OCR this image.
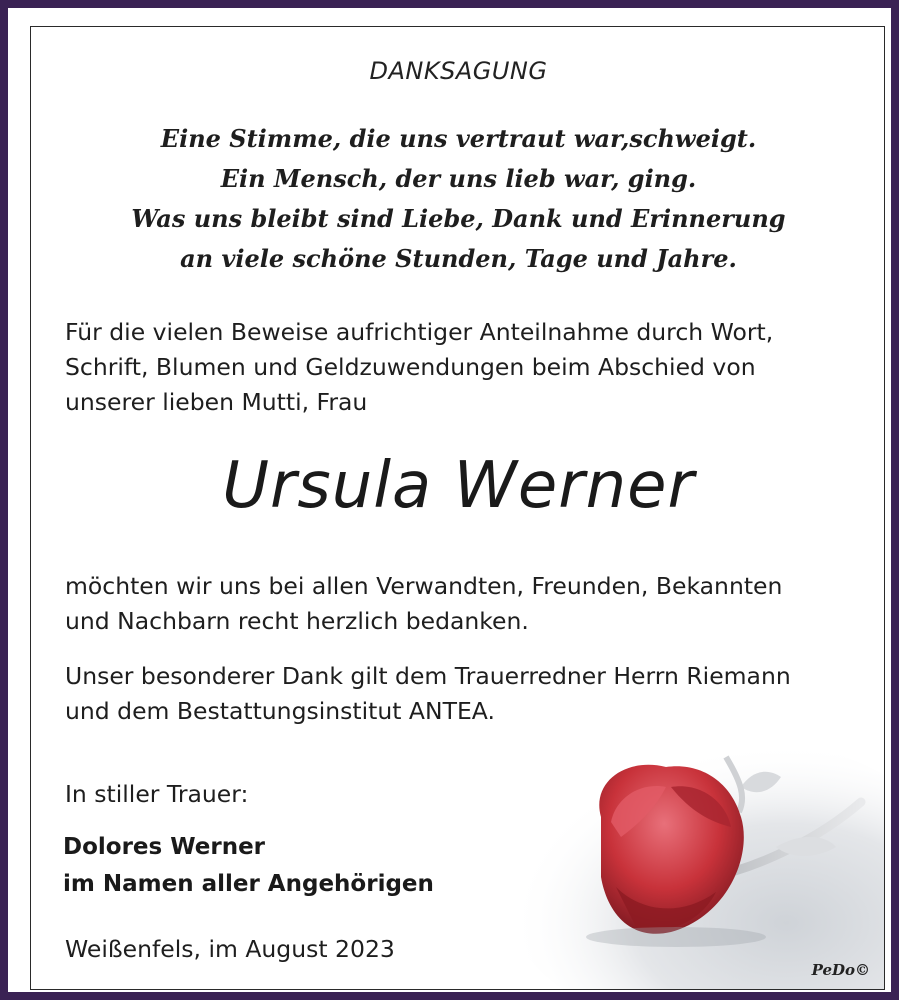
DANKSAGUNG
Eine Stimme, die uns vertraut war,schweigt.
Ein Mensch, der uns lieb war, ging.
Was uns bleibt sind Liebe, Dank und Erinnerung
an viele schöne Stunden, Tage und Jahre.
Für die vielen Beweise aufrichtiger Anteilnahme durch Wort,
Schrift, Blumen und Geldzuwendungen beim Abschied von
unserer lieben Mutti, Frau
Ursula Werner
möchten wir uns bei allen Verwandten, Freunden, Bekannten
und Nachbarn recht herzlich bedanken.
Unser besonderer Dank gilt dem Trauerredner Herrn Riemann
und dem Bestattungsinstitut ANTEA.
In stiller Trauer:
Dolores Werner
im Namen aller Angehörigen
Weißenfels, im August 2023
PeDo©
